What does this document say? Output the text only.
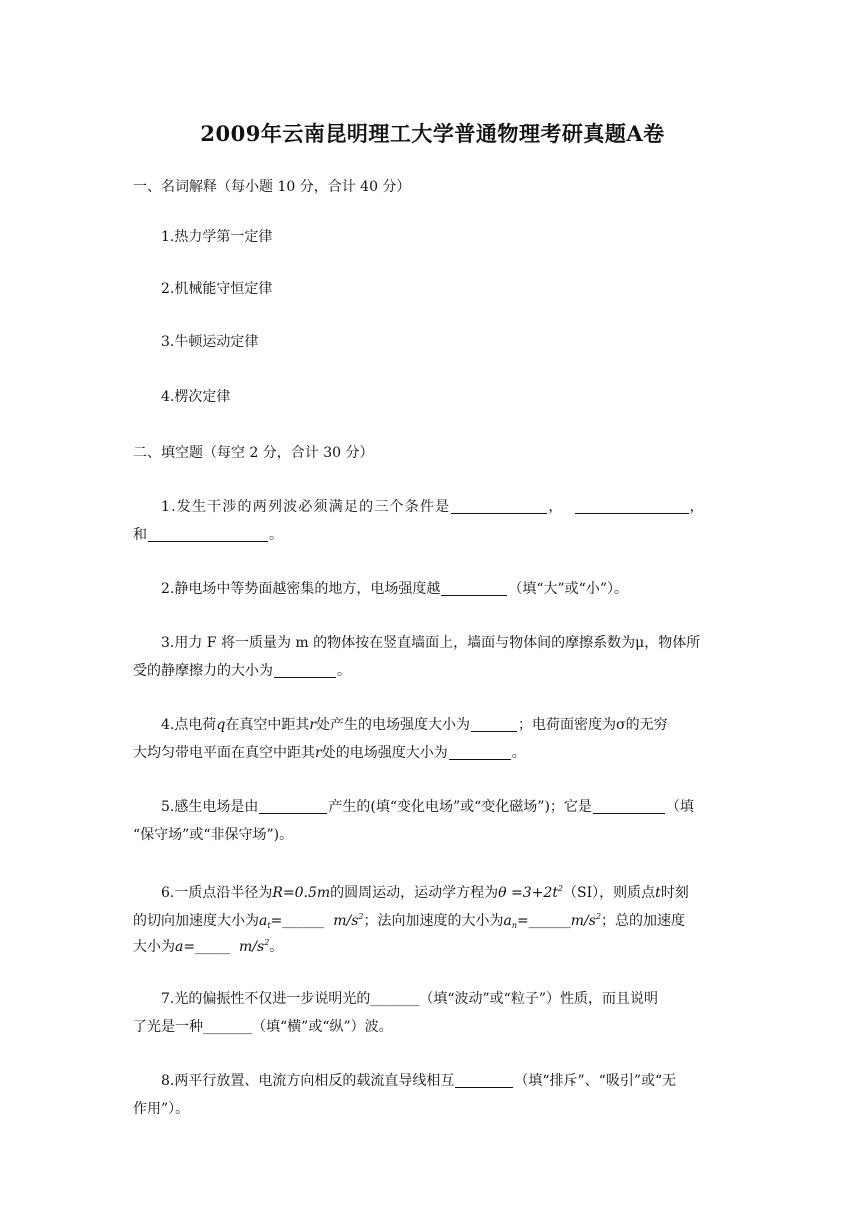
2009年云南昆明理工大学普通物理考研真题A卷
一、名词解释（每小题 10 分，合计 40 分）
1.热力学第一定律
2.机械能守恒定律
3.牛顿运动定律
4.楞次定律
二、填空题（每空 2 分，合计 30 分）
1.发生干涉的两列波必须满足的三个条件是	，	，
和	。
2.静电场中等势面越密集的地方，电场强度越	（填“大”或“小”）。
3.用力 F 将一质量为 m 的物体按在竖直墙面上，墙面与物体间的摩擦系数为μ，物体所
受的静摩擦力的大小为	。
4.点电荷q在真空中距其r处产生的电场强度大小为	；电荷面密度为σ的无穷
大均匀带电平面在真空中距其r处的电场强度大小为	。
5.感生电场是由	产生的(填“变化电场”或“变化磁场”)；它是	（填
“保守场”或“非保守场”)。
6.一质点沿半径为R=0.5m的圆周运动，运动学方程为$\theta =3+2t^2(SI)$，则质点t时刻
的切向加速度大小为$a_t=\_\_\_\_\_\_$ $m/s^2$；法向加速度的大小为$a_n=\_\_\_\_\_\_m/s^2$；总的加速度
大小为a=_____ $m/s^2$。
7.光的偏振性不仅进一步说明光的_______（填“波动”或“粒子”）性质，而且说明
了光是一种_______（填“横”或“纵”）波。
8.两平行放置、电流方向相反的载流直导线相互	（填“排斥”、“吸引”或“无
作用”）。
